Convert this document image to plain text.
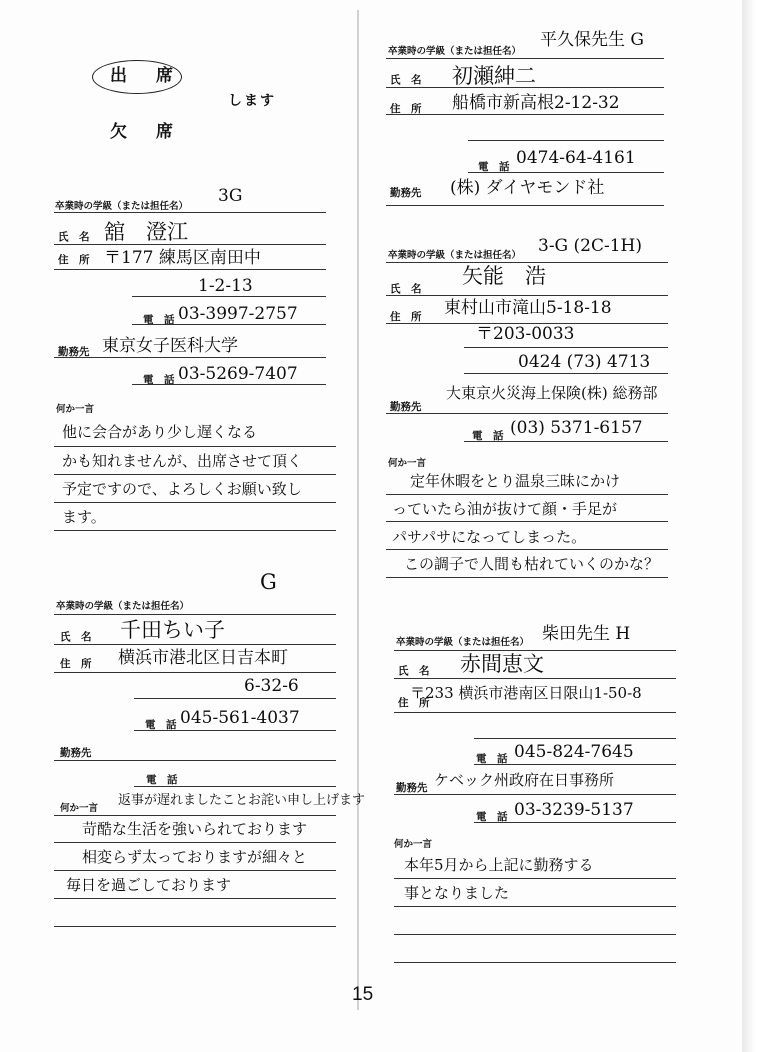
出　席
します
欠　席
卒業時の学級（または担任名）
3G
氏　名 舘　澄江
住　所 〒177 練馬区南田中
1-2-13
電　話 03-3997-2757
勤務先 東京女子医科大学
電　話 03-5269-7407
何か一言
他に会合があり少し遅くなる
かも知れませんが、出席させて頂く
予定ですので、よろしくお願い致し
ます。
卒業時の学級（または担任名）
平久保先生 G
氏　名 初瀬紳二
住　所 船橋市新高根2-12-32
電　話 0474-64-4161
勤務先 (株) ダイヤモンド社
卒業時の学級（または担任名） 3-G (2C-1H)
氏　名
矢能　浩
住　所 東村山市滝山5-18-18
〒203-0033
0424 (73) 4713
勤務先
大東京火災海上保険(株) 総務部
電　話 (03) 5371-6157
何か一言
定年休暇をとり温泉三昧にかけ
っていたら油が抜けて顔・手足が
パサパサになってしまった。
この調子で人間も枯れていくのかな？
G
卒業時の学級（または担任名）
氏　名 千田ちい子
住　所 横浜市港北区日吉本町
6-32-6
電　話 045-561-4037
勤務先
電　話
何か一言
返事が遅れましたことお詫い申し上げます
苛酷な生活を強いられております
相変らず太っておりますが細々と
毎日を過ごしております
卒業時の学級（または担任名） 柴田先生 H
氏　名 赤間恵文
住　所
〒233 横浜市港南区日限山1-50-8
電　話 045-824-7645
勤務先 ケベック州政府在日事務所
電　話 03-3239-5137
何か一言
本年5月から上記に勤務する
事となりました
15
